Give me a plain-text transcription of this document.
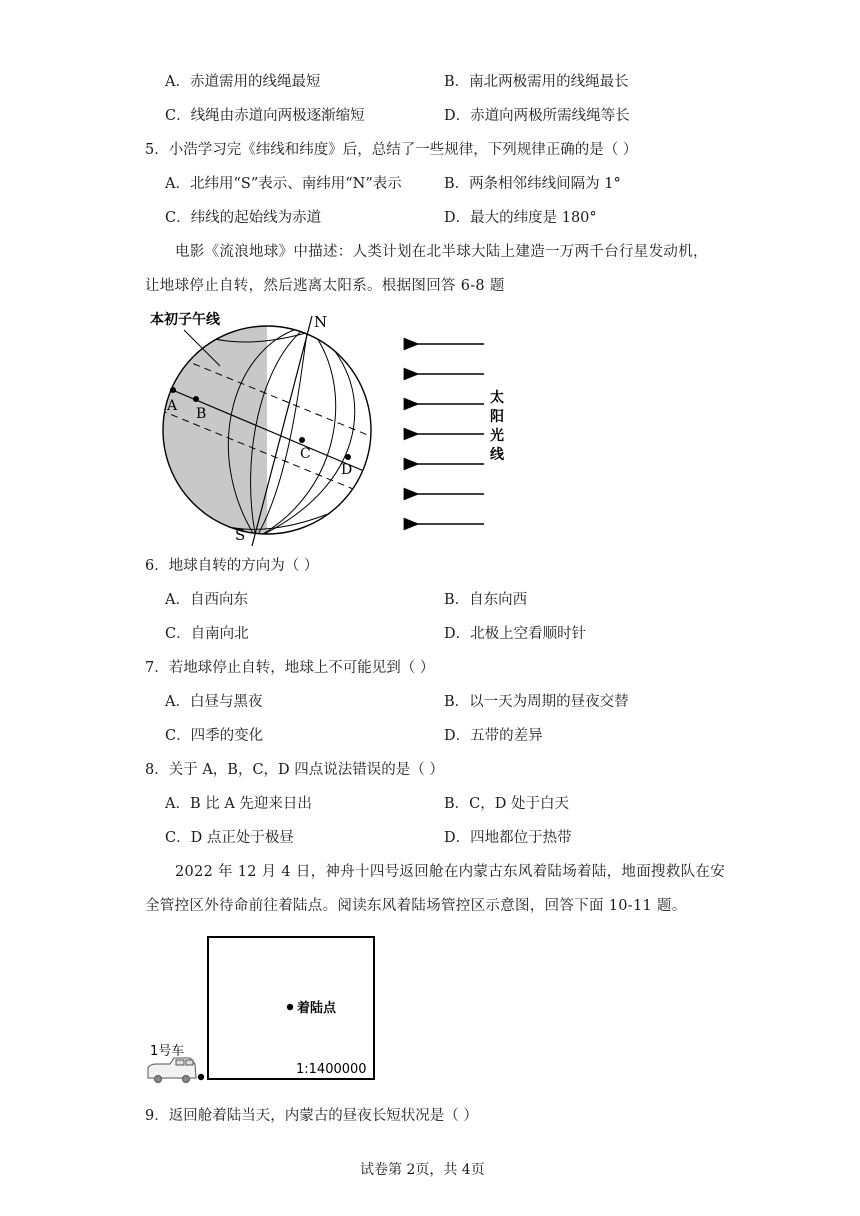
A．赤道需用的线绳最短	B．南北两极需用的线绳最长
C．线绳由赤道向两极逐渐缩短	D．赤道向两极所需线绳等长
5．小浩学习完《纬线和纬度》后，总结了一些规律，下列规律正确的是（ ）
A．北纬用“S”表示、南纬用“N”表示	B．两条相邻纬线间隔为 1°
C．纬线的起始线为赤道	D．最大的纬度是 180°
电影《流浪地球》中描述：人类计划在北半球大陆上建造一万两千台行星发动机，
让地球停止自转，然后逃离太阳系。根据图回答 6-8 题
本初子午线	N
S
A B
C
D
太
阳
光
线
6．地球自转的方向为（ ）
A．自西向东	B．自东向西
C．自南向北	D．北极上空看顺时针
7．若地球停止自转，地球上不可能见到（ ）
A．白昼与黑夜	B．以一天为周期的昼夜交替
C．四季的变化	D．五带的差异
8．关于 A，B，C，D 四点说法错误的是（ ）
A．B 比 A 先迎来日出	B．C，D 处于白天
C．D 点正处于极昼	D．四地都位于热带
2022 年 12 月 4 日，神舟十四号返回舱在内蒙古东风着陆场着陆，地面搜救队在安
全管控区外待命前往着陆点。阅读东风着陆场管控区示意图，回答下面 10-11 题。
着陆点
1:1400000
1号车
9．返回舱着陆当天，内蒙古的昼夜长短状况是（ ）
试卷第 2页，共 4页
